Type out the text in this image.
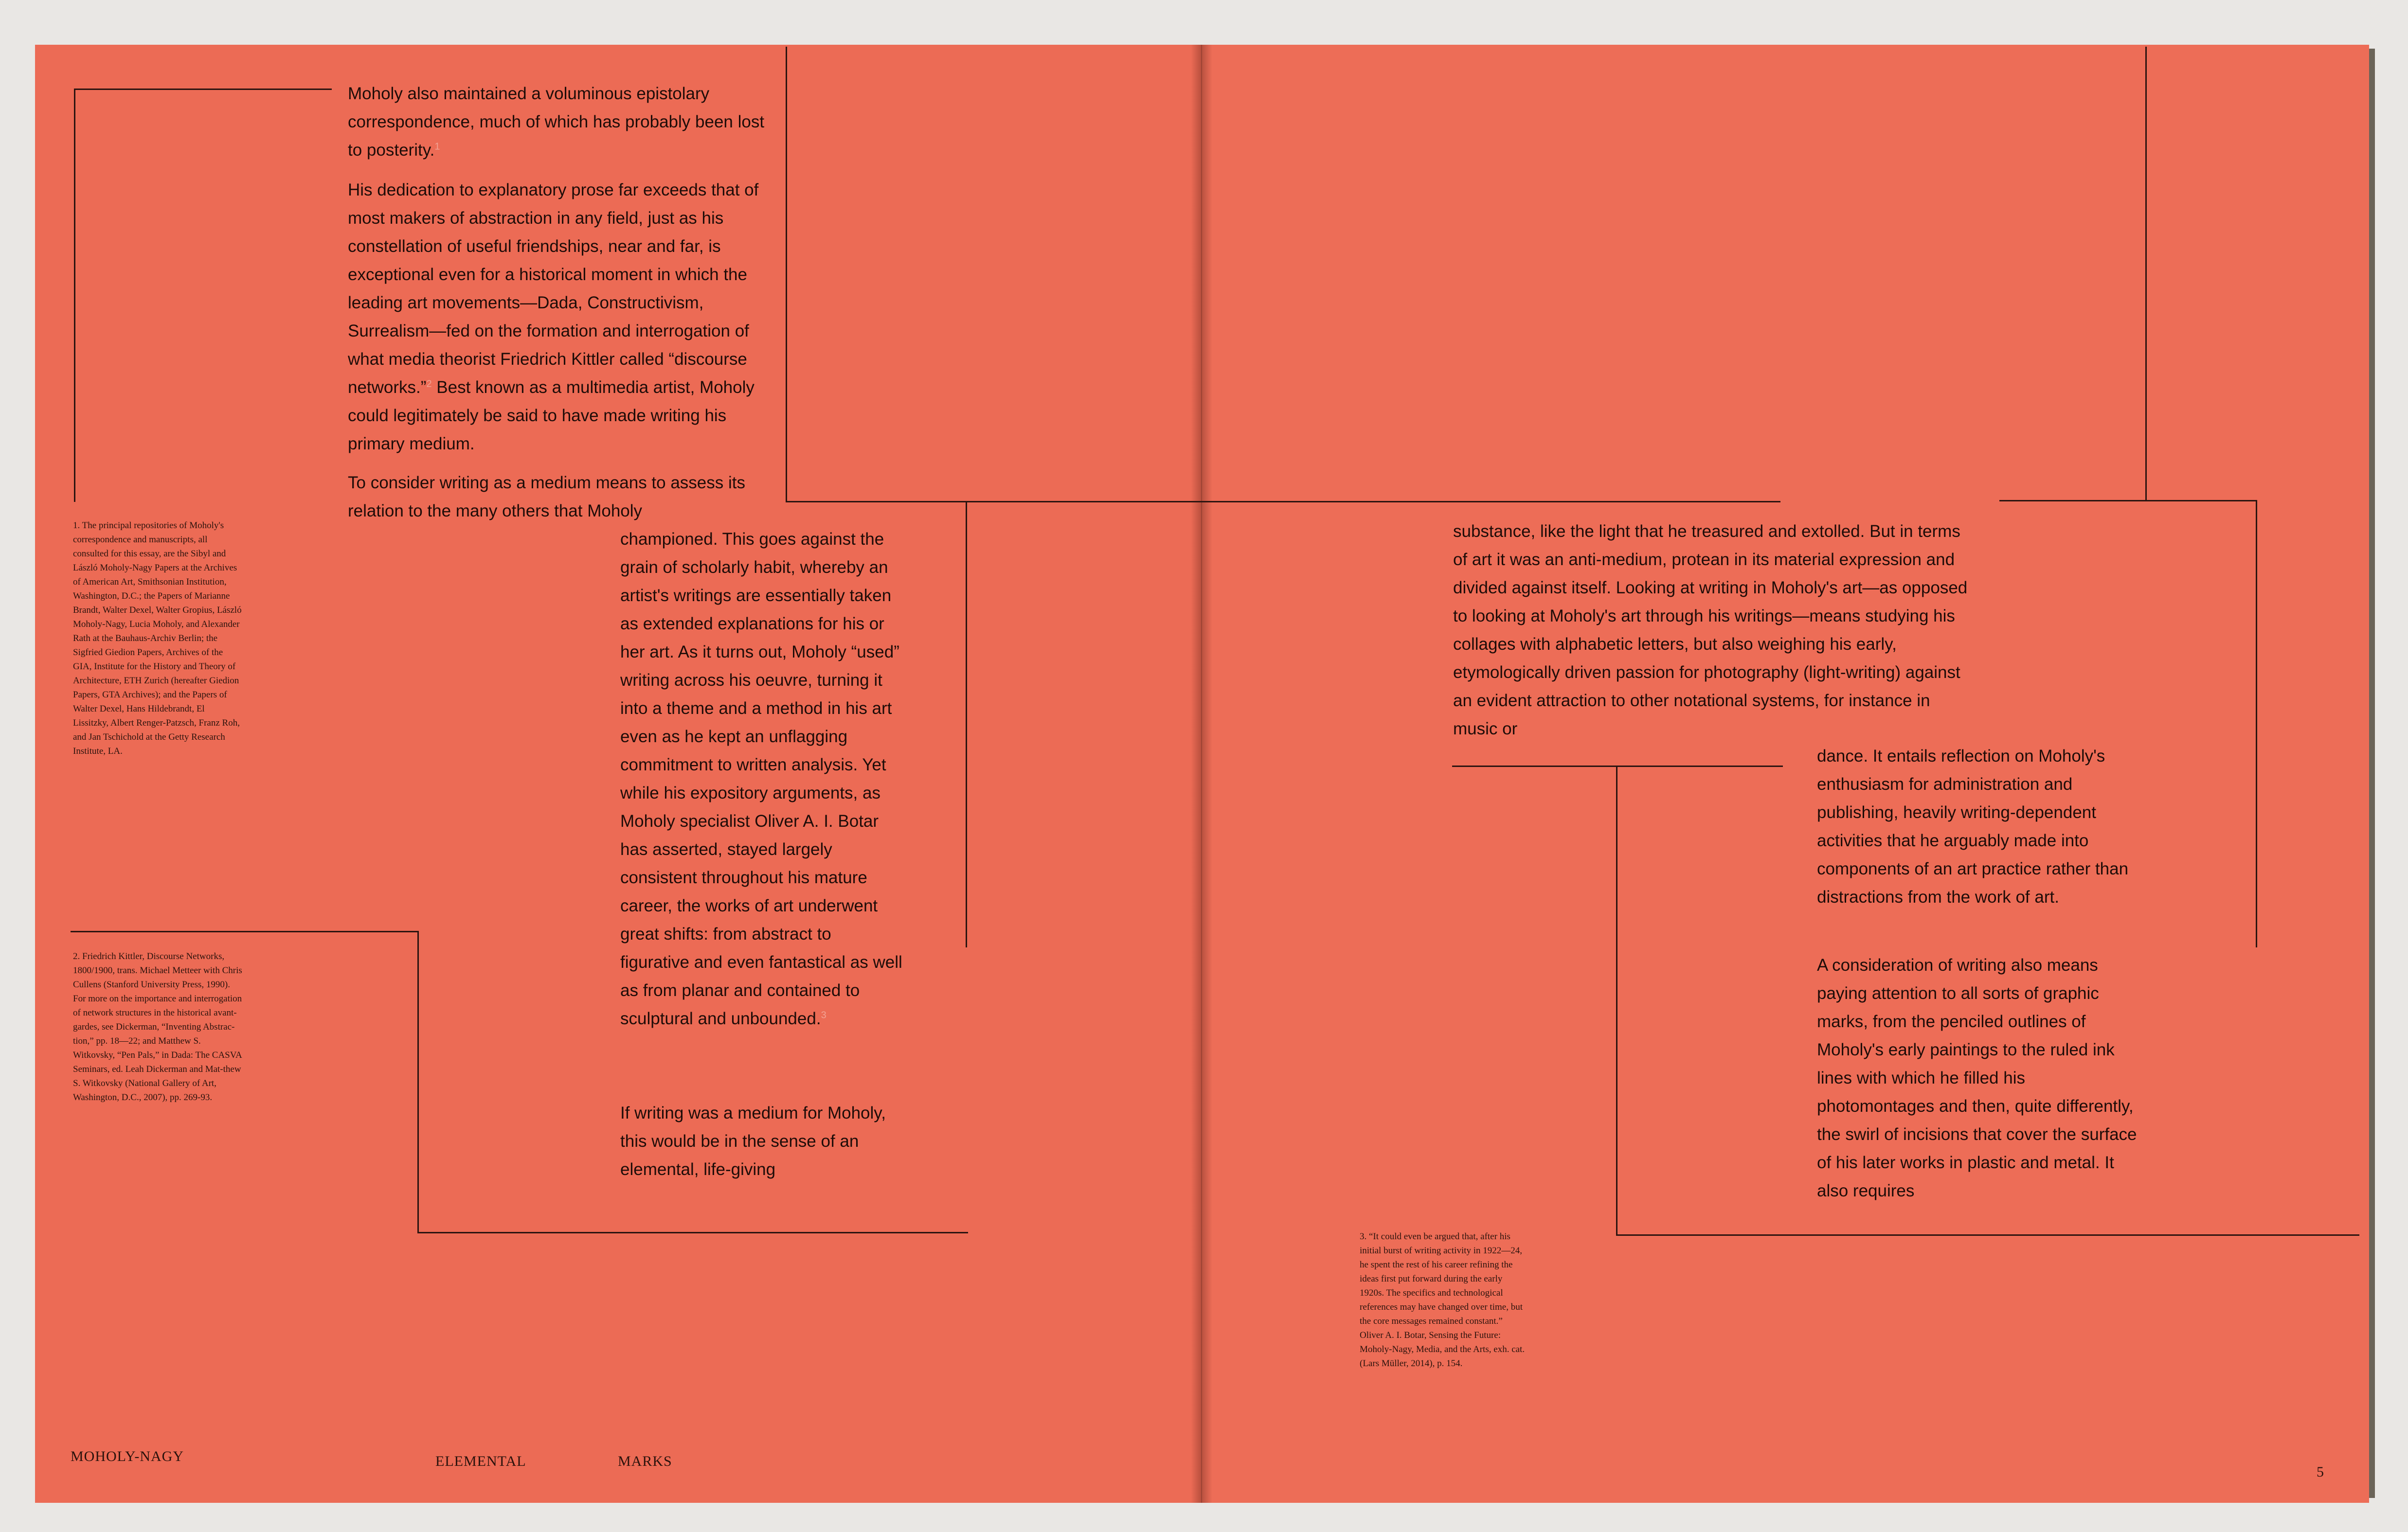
Moholy also maintained a voluminous epistolary correspondence, much of which has probably been lost to posterity.$^1$

His dedication to explanatory prose far exceeds that of most makers of abstraction in any field, just as his constellation of useful friendships, near and far, is exceptional even for a historical moment in which the leading art movements—Dada, Constructivism, Surrealism—fed on the formation and interrogation of what media theorist Friedrich Kittler called “discourse networks.”$^2$ Best known as a multimedia artist, Moholy could legitimately be said to have made writing his primary medium.

To consider writing as a medium means to assess its relation to the many others that Moholy

championed. This goes against the grain of scholarly habit, whereby an artist's writings are essentially taken as extended explanations for his or her art. As it turns out, Moholy “used” writing across his oeuvre, turning it into a theme and a method in his art even as he kept an unflagging commitment to written analysis. Yet while his expository arguments, as Moholy specialist Oliver A. I. Botar has asserted, stayed largely consistent throughout his mature career, the works of art underwent great shifts: from abstract to figurative and even fantastical as well as from planar and contained to sculptural and unbounded.$^3$

If writing was a medium for Moholy, this would be in the sense of an elemental, life-giving

1. The principal repositories of Moholy's correspondence and manuscripts, all consulted for this essay, are the Sibyl and László Moholy-Nagy Papers at the Archives of American Art, Smithsonian Institution, Washington, D.C.; the Papers of Marianne Brandt, Walter Dexel, Walter Gropius, László Moholy-Nagy, Lucia Moholy, and Alexander Rath at the Bauhaus-Archiv Berlin; the Sigfried Giedion Papers, Archives of the GIA, Institute for the History and Theory of Architecture, ETH Zurich (hereafter Giedion Papers, GTA Archives); and the Papers of Walter Dexel, Hans Hildebrandt, El Lissitzky, Albert Renger-Patzsch, Franz Roh, and Jan Tschichold at the Getty Research Institute, LA.

2. Friedrich Kittler, Discourse Networks, 1800/1900, trans. Michael Metteer with Chris Cullens (Stanford University Press, 1990). For more on the importance and interrogation of network structures in the historical avant-gardes, see Dickerman, “Inventing Abstrac-tion,” pp. 18—22; and Matthew S. Witkovsky, “Pen Pals,” in Dada: The CASVA Seminars, ed. Leah Dickerman and Mat-thew S. Witkovsky (National Gallery of Art, Washington, D.C., 2007), pp. 269-93.

MOHOLY-NAGY	ELEMENTAL	MARKS

substance, like the light that he treasured and extolled. But in terms of art it was an anti-medium, protean in its material expression and divided against itself. Looking at writing in Moholy's art—as opposed to looking at Moholy's art through his writings—means studying his collages with alphabetic letters, but also weighing his early, etymologically driven passion for photography (light-writing) against an evident attraction to other notational systems, for instance in music or

dance. It entails reflection on Moholy's enthusiasm for administration and publishing, heavily writing-dependent activities that he arguably made into components of an art practice rather than distractions from the work of art.

A consideration of writing also means paying attention to all sorts of graphic marks, from the penciled outlines of Moholy's early paintings to the ruled ink lines with which he filled his photomontages and then, quite differently, the swirl of incisions that cover the surface of his later works in plastic and metal. It also requires

3. “It could even be argued that, after his initial burst of writing activity in 1922—24, he spent the rest of his career refining the ideas first put forward during the early 1920s. The specifics and technological references may have changed over time, but the core messages remained constant.” Oliver A. I. Botar, Sensing the Future: Moholy-Nagy, Media, and the Arts, exh. cat. (Lars Müller, 2014), p. 154.

5
